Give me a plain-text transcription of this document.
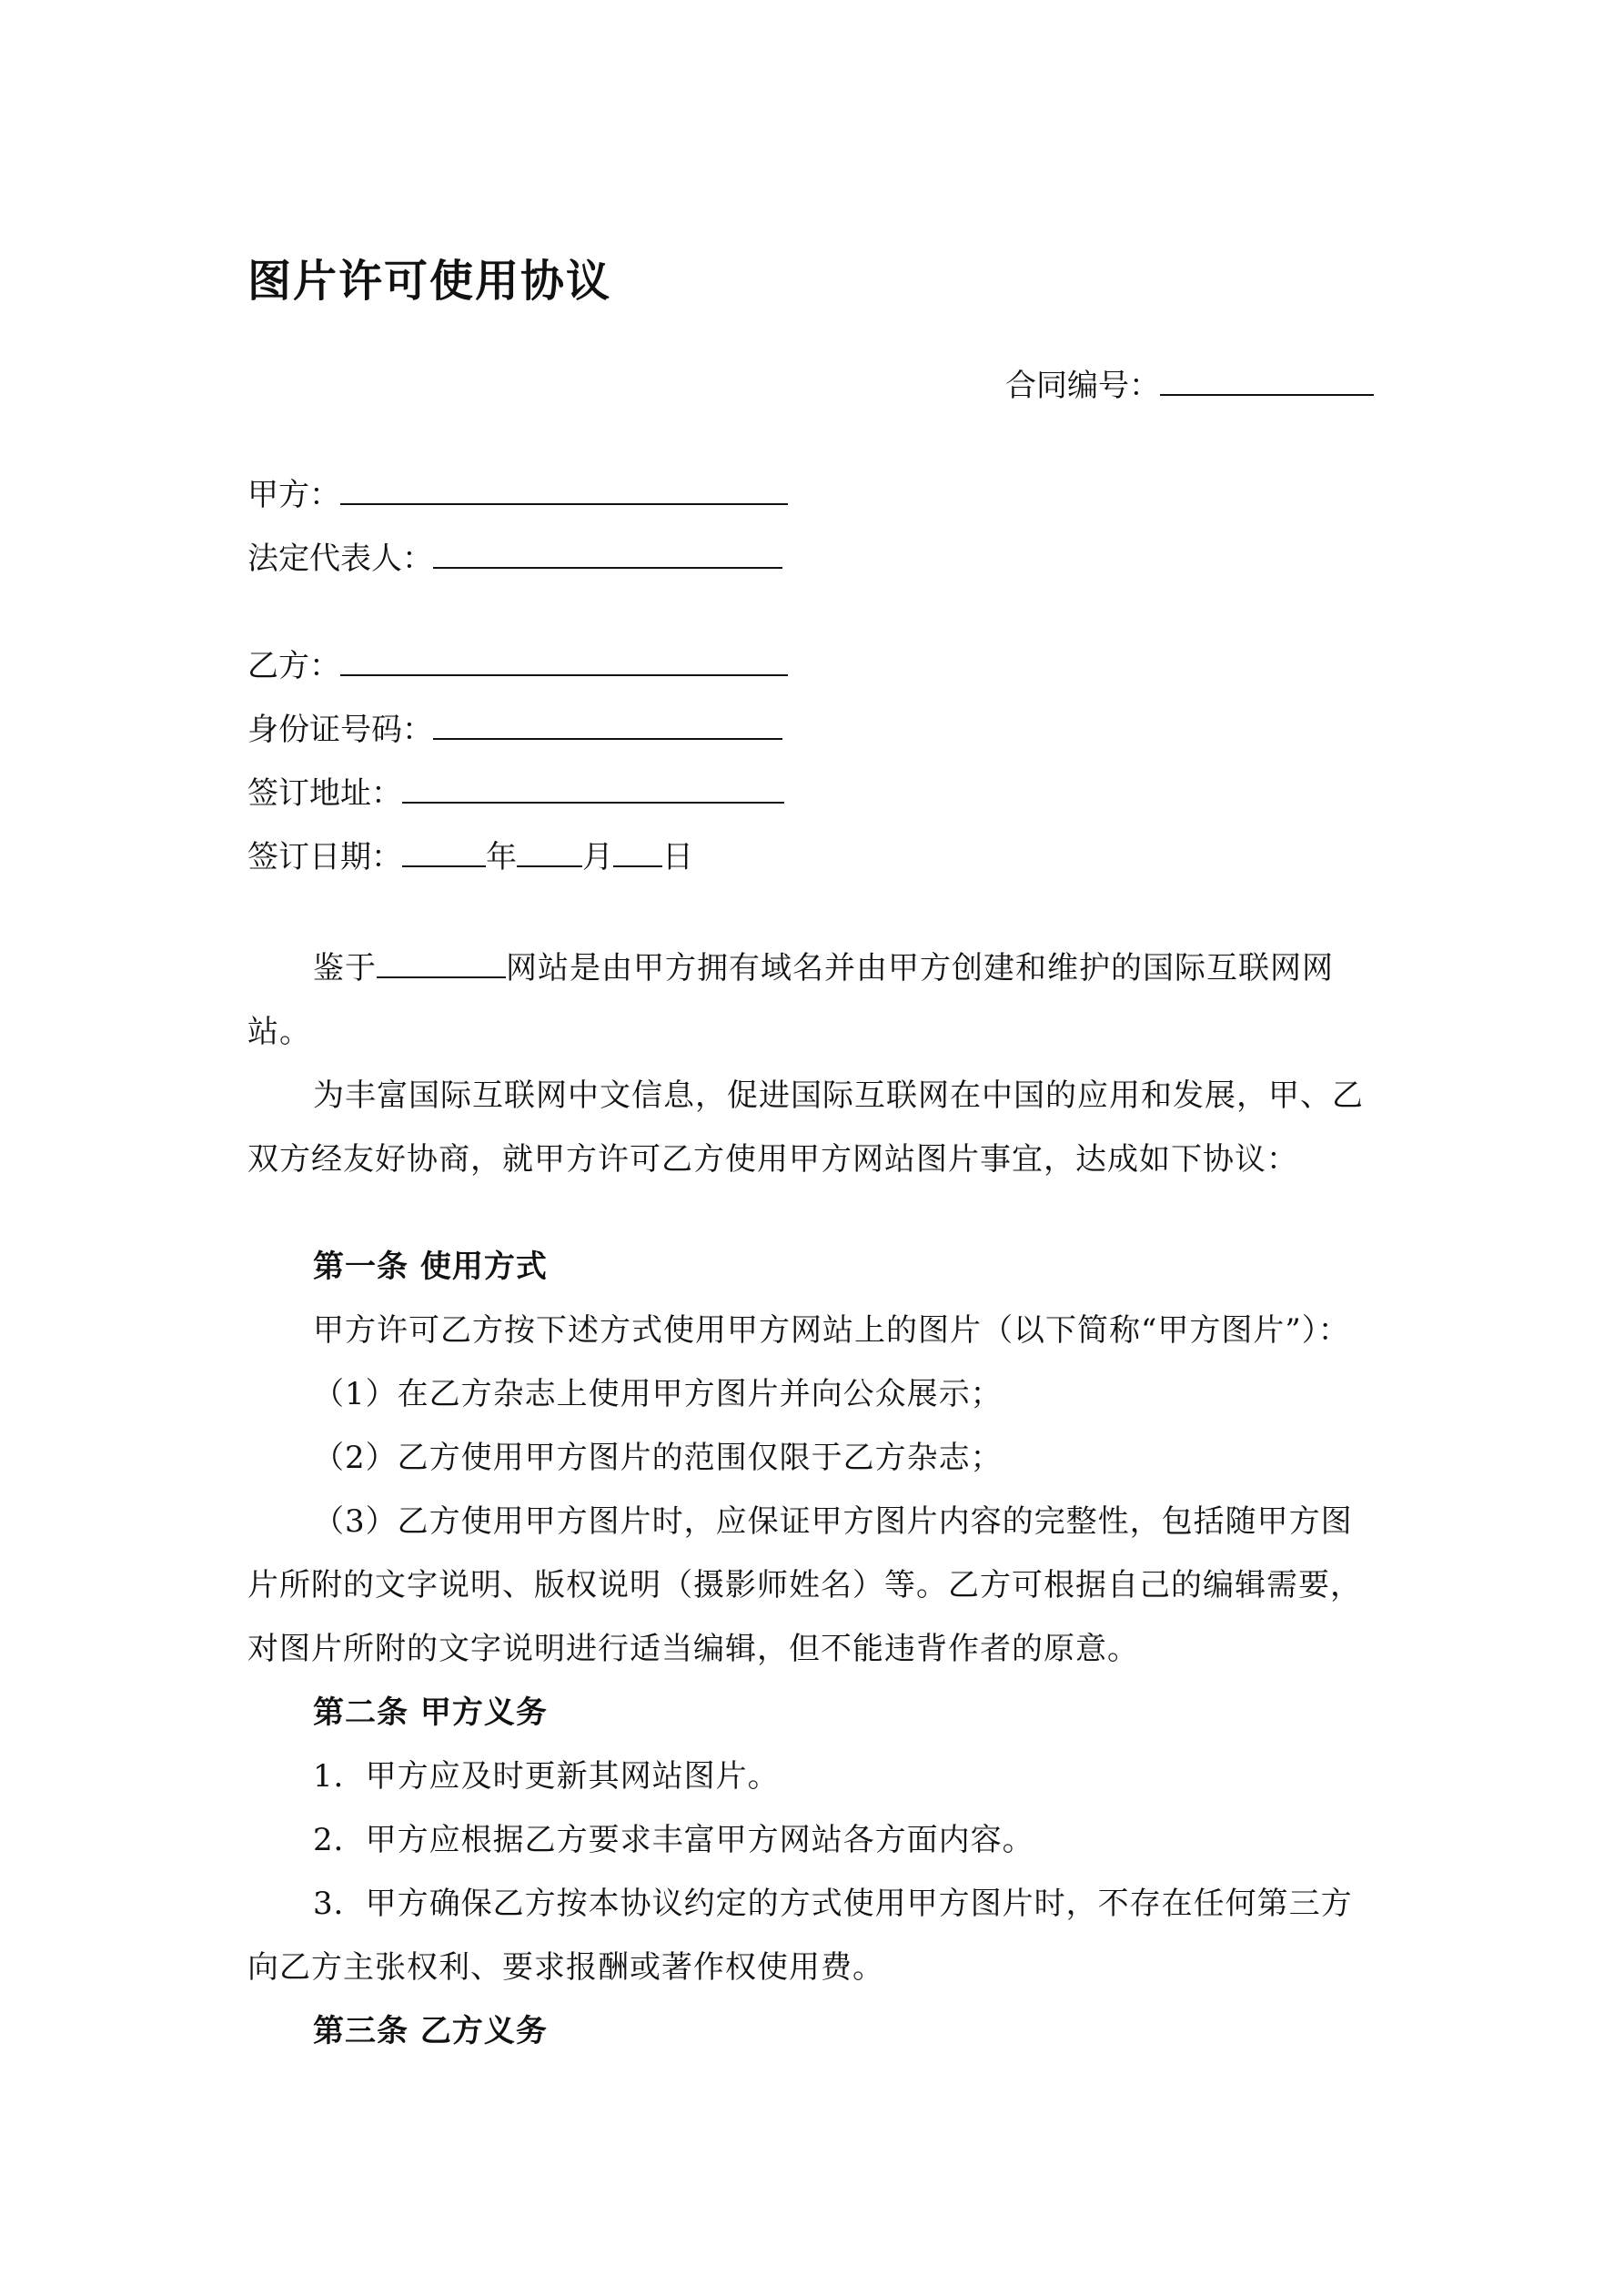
图片许可使用协议
合同编号：
甲方：
法定代表人：
乙方：
身份证号码：
签订地址：
签订日期：	年 月 日
鉴于	网站是由甲方拥有域名并由甲方创建和维护的国际互联网网
站。
为丰富国际互联网中文信息，促进国际互联网在中国的应用和发展，甲、乙
双方经友好协商，就甲方许可乙方使用甲方网站图片事宜，达成如下协议：
第一条 使用方式
甲方许可乙方按下述方式使用甲方网站上的图片（以下简称“甲方图片”）：
（1）在乙方杂志上使用甲方图片并向公众展示；
（2）乙方使用甲方图片的范围仅限于乙方杂志；
（3）乙方使用甲方图片时，应保证甲方图片内容的完整性，包括随甲方图
片所附的文字说明、版权说明（摄影师姓名）等。乙方可根据自己的编辑需要，
对图片所附的文字说明进行适当编辑，但不能违背作者的原意。
第二条 甲方义务
1．甲方应及时更新其网站图片。
2．甲方应根据乙方要求丰富甲方网站各方面内容。
3．甲方确保乙方按本协议约定的方式使用甲方图片时，不存在任何第三方
向乙方主张权利、要求报酬或著作权使用费。
第三条 乙方义务
